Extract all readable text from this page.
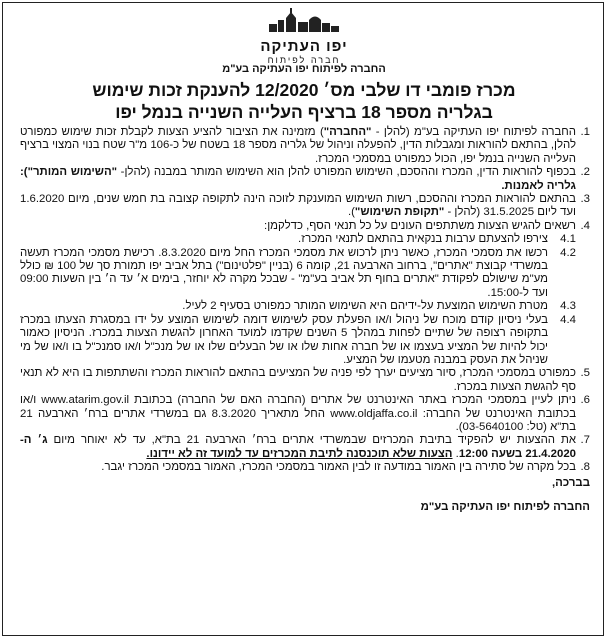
יפו העתיקה
חברה לפיתוח
החברה לפיתוח יפו העתיקה בע"מ
מכרז פומבי דו שלבי מס׳ 12/2020 להענקת זכות שימוש
בגלריה מספר 18 ברציף העלייה השנייה בנמל יפו

1.
החברה לפיתוח יפו העתיקה בע"מ (להלן - "החברה") מזמינה את הציבור להציע הצעות לקבלת זכות שימוש כמפורט להלן, בהתאם להוראות ומגבלות הדין, להפעלה וניהול של גלריה מספר 18 בשטח של כ-106 מ"ר שטח בנוי המצוי ברציף העלייה השנייה בנמל יפו, הכול כמפורט במסמכי המכרז.

2.
בכפוף להוראות הדין, המכרז וההסכם, השימוש המפורט להלן הוא השימוש המותר במבנה (להלן- "השימוש המותר"): גלריה לאמנות.

3.
בהתאם להוראות המכרז וההסכם, רשות השימוש המוענקת לזוכה הינה לתקופה קצובה בת חמש שנים, מיום 1.6.2020 ועד ליום 31.5.2025 (להלן - "תקופת השימוש").

4.
רשאים להגיש הצעות משתתפים העונים על כל תנאי הסף, כדלקמן:

4.1
צירפו להצעתם ערבות בנקאית בהתאם לתנאי המכרז.

4.2
רכשו את מסמכי המכרז, כאשר ניתן לרכוש את מסמכי המכרז החל מיום 8.3.2020. רכישת מסמכי המכרז תעשה במשרדי קבוצת "אתרים", ברחוב הארבעה 21, קומה 6 (בניין "פלטינום") בתל אביב יפו תמורת סך של 100 ₪ כולל מע"מ שישולם לפקודת "אתרים בחוף תל אביב בע"מ" - שבכל מקרה לא יוחזר, בימים א׳ עד ה׳ בין השעות 09:00 ועד ל-15:00.

4.3
מטרת השימוש המוצעת על-ידיהם היא השימוש המותר כמפורט בסעיף 2 לעיל.

4.4
בעלי ניסיון קודם מוכח של ניהול ו/או הפעלת עסק לשימוש דומה לשימוש המוצע על ידו במסגרת הצעתו במכרז בתקופה רצופה של שתיים לפחות במהלך 5 השנים שקדמו למועד האחרון להגשת הצעות במכרז. הניסיון כאמור יכול להיות של המציע בעצמו או של חברה אחות שלו או של הבעלים שלו או של מנכ"ל ו/או סמנכ"ל בו ו/או של מי שניהל את העסק במבנה מטעמו של המציע.

5.
כמפורט במסמכי המכרז, סיור מציעים יערך לפי פניה של המציעים בהתאם להוראות המכרז והשתתפות בו היא לא תנאי סף להגשת הצעות במכרז.

6.
ניתן לעיין במסמכי המכרז באתר האינטרנט של אתרים (החברה האם של החברה) בכתובת www.atarim.gov.il ו/או בכתובת האינטרנט של החברה: www.oldjaffa.co.il החל מתאריך 8.3.2020 גם במשרדי אתרים ברח׳ הארבעה 21 בת"א (טל: 03-5640100).

7.
את ההצעות יש להפקיד בתיבת המכרזים שבמשרדי אתרים ברח׳ הארבעה 21 בת"א, עד לא יאוחר מיום ג׳ ה- 21.4.2020 בשעה 12:00. הצעות שלא תוכנסנה לתיבת המכרזים עד למועד זה לא יידונו.

8.
בכל מקרה של סתירה בין האמור במודעה זו לבין האמור במסמכי המכרז, האמור במסמכי המכרז יגבר.

בברכה,

החברה לפיתוח יפו העתיקה בע"מ
